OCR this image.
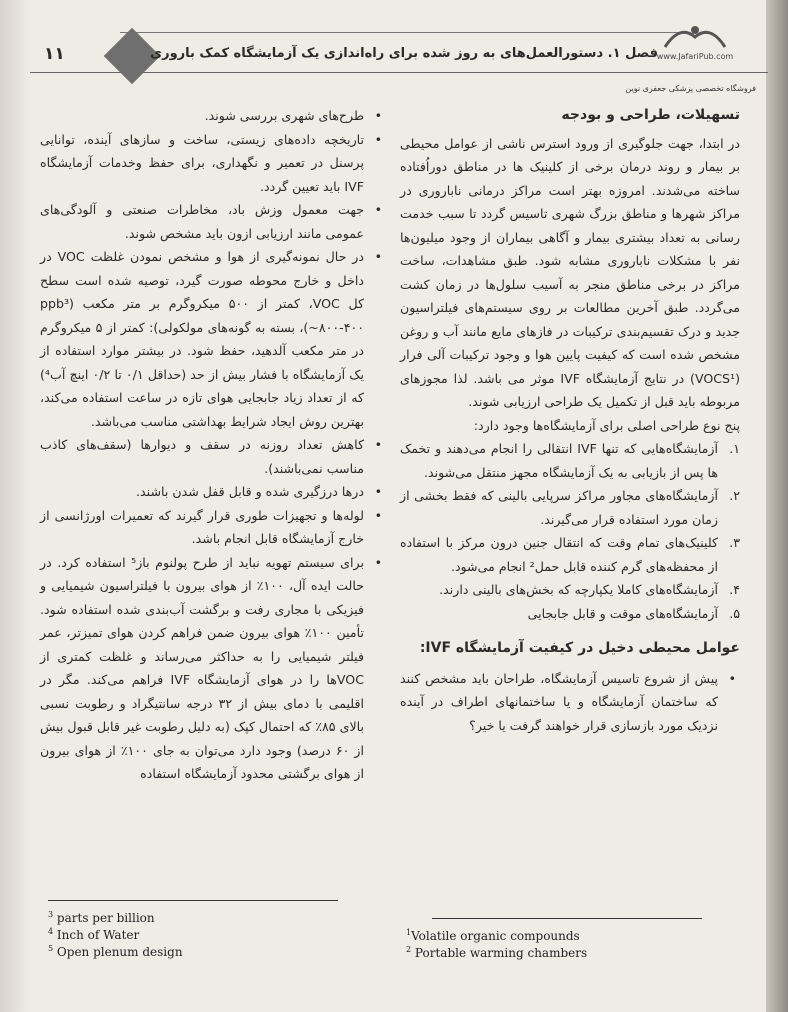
۱۱	فصل ۱. دستورالعمل‌های به روز شده برای راه‌اندازی یک آزمایشگاه کمک باروری
www.JafariPub.com
فروشگاه تخصصی پزشکی جعفری نوین
تسهیلات، طراحی و بودجه

در ابتدا، جهت جلوگیری از ورود استرس ناشی از عوامل محیطی بر بیمار و روند درمان برخی از کلینیک ها در مناطق دوراُفتاده ساخته می‌شدند. امروزه بهتر است مراکز درمانی ناباروری در مراکز شهرها و مناطق بزرگ شهری تاسیس گردد تا سبب خدمت رسانی به تعداد بیشتری بیمار و آگاهی بیماران از وجود میلیون‌ها نفر با مشکلات ناباروری مشابه شود. طبق مشاهدات، ساخت مراکز در برخی مناطق منجر به آسیب سلول‌ها در زمان کشت می‌گردد. طبق آخرین مطالعات بر روی سیستم‌های فیلتراسیون جدید و درک تقسیم‌بندی ترکیبات در فازهای مایع مانند آب و روغن مشخص شده است که کیفیت پایین هوا و وجود ترکیبات آلی فرار (VOCS¹) در نتایج آزمایشگاه IVF موثر می باشد. لذا مجوزهای مربوطه باید قبل از تکمیل یک طراحی ارزیابی شوند.

پنج نوع طراحی اصلی برای آزمایشگاه‌ها وجود دارد:

۱.
آزمایشگاه‌هایی که تنها IVF انتقالی را انجام می‌دهند و تخمک ها پس از بازیابی به یک آزمایشگاه مجهز منتقل می‌شوند.
۲.
آزمایشگاه‌های مجاور مراکز سرپایی بالینی که فقط بخشی از زمان مورد استفاده قرار می‌گیرند.
۳.
کلینیک‌های تمام وقت که انتقال جنین درون مرکز با استفاده از محفظه‌های گرم کننده قابل حمل² انجام می‌شود.
۴.
آزمایشگاه‌های کاملا یکپارچه که بخش‌های بالینی دارند.
۵.
آزمایشگاه‌های موقت و قابل جابجایی
عوامل محیطی دخیل در کیفیت آزمایشگاه IVF:
•
پیش از شروع تاسیس آزمایشگاه، طراحان باید مشخص کنند که ساختمان آزمایشگاه و یا ساختمانهای اطراف در آینده نزدیک مورد بازسازی قرار خواهند گرفت یا خیر؟
•
طرح‌های شهری بررسی شوند.
•
تاریخچه داده‌های زیستی، ساخت و سازهای آینده، توانایی پرسنل در تعمیر و نگهداری، برای حفظ وخدمات آزمایشگاه IVF باید تعیین گردد.
•
جهت معمول وزش باد، مخاطرات صنعتی و آلودگی‌های عمومی مانند ارزیابی ازون باید مشخص شوند.
•
در حال نمونه‌گیری از هوا و مشخص نمودن غلظت VOC در داخل و خارج محوطه صورت گیرد، توصیه شده است سطح کل VOC، کمتر از ۵۰۰ میکروگرم بر متر مکعب (ppb³ ۸۰۰-۴۰۰~)، بسته به گونه‌های مولکولی): کمتر از ۵ میکروگرم در متر مکعب آلدهید، حفظ شود. در بیشتر موارد استفاده از یک آزمایشگاه با فشار بیش از حد (حداقل ۰/۱ تا ۰/۲ اینچ آب⁴) که از تعداد زیاد جابجایی هوای تازه در ساعت استفاده می‌کند، بهترین روش ایجاد شرایط بهداشتی مناسب می‌باشد.
•
کاهش تعداد روزنه در سقف و دیوارها (سقف‌های کاذب مناسب نمی‌باشند).
•
درها درزگیری شده و قابل قفل شدن باشند.
•
لوله‌ها و تجهیزات طوری قرار گیرند که تعمیرات اورژانسی از خارج آزمایشگاه قابل انجام باشد.
•
برای سیستم تهویه نباید از طرح پولنوم باز⁵ استفاده کرد. در حالت ایده آل، ۱۰۰٪ از هوای بیرون با فیلتراسیون شیمیایی و فیزیکی با مجاری رفت و برگشت آب‌بندی شده استفاده شود. تأمین ۱۰۰٪ هوای بیرون ضمن فراهم کردن هوای تمیزتر، عمر فیلتر شیمیایی را به حداکثر می‌رساند و غلظت کمتری از VOCها را در هوای آزمایشگاه IVF فراهم می‌کند. مگر در اقلیمی با دمای بیش از ۳۲ درجه سانتیگراد و رطوبت نسبی بالای ۸۵٪ که احتمال کپک (به دلیل رطوبت غیر قابل قبول بیش از ۶۰ درصد) وجود دارد می‌توان به جای ۱۰۰٪ از هوای بیرون از هوای برگشتی محدود آزمایشگاه استفاده
$^3$ parts per billion
$^4$ Inch of Water
$^5$ Open plenum design
$^1$Volatile organic compounds
$^2$ Portable warming chambers
